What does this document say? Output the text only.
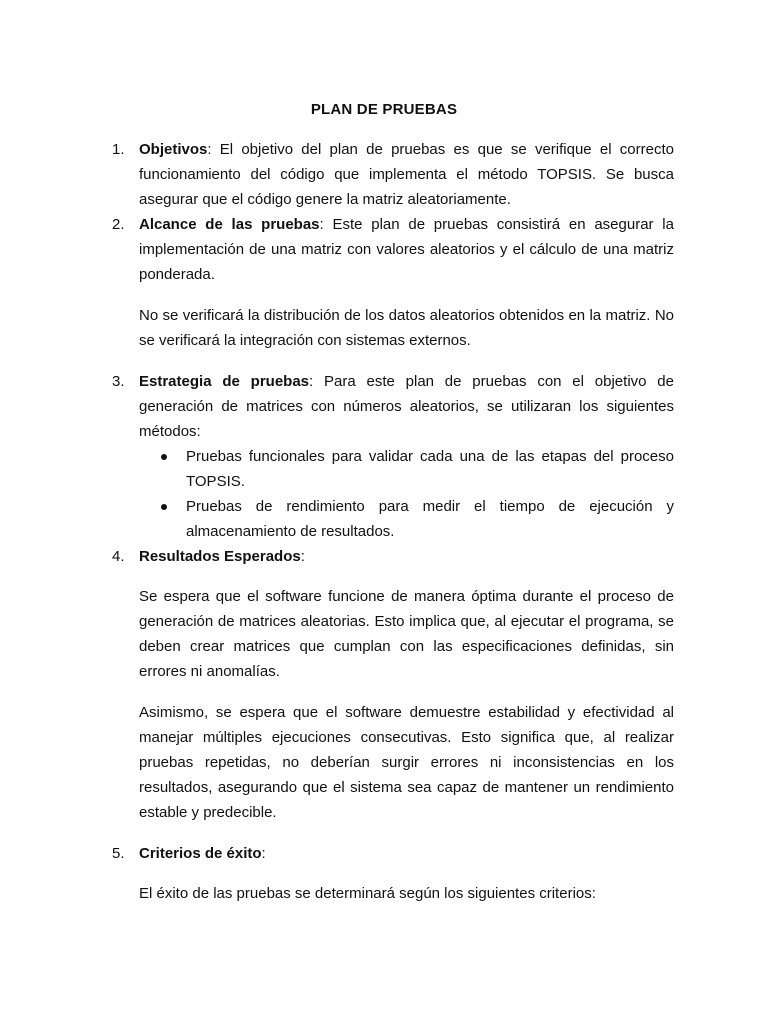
PLAN DE PRUEBAS
1. Objetivos: El objetivo del plan de pruebas es que se verifique el correcto funcionamiento del código que implementa el método TOPSIS. Se busca asegurar que el código genere la matriz aleatoriamente.
2. Alcance de las pruebas: Este plan de pruebas consistirá en asegurar la implementación de una matriz con valores aleatorios y el cálculo de una matriz ponderada.
No se verificará la distribución de los datos aleatorios obtenidos en la matriz. No se verificará la integración con sistemas externos.
3. Estrategia de pruebas: Para este plan de pruebas con el objetivo de generación de matrices con números aleatorios, se utilizaran los siguientes métodos:
Pruebas funcionales para validar cada una de las etapas del proceso TOPSIS.
Pruebas de rendimiento para medir el tiempo de ejecución y almacenamiento de resultados.
4. Resultados Esperados:
Se espera que el software funcione de manera óptima durante el proceso de generación de matrices aleatorias. Esto implica que, al ejecutar el programa, se deben crear matrices que cumplan con las especificaciones definidas, sin errores ni anomalías.
Asimismo, se espera que el software demuestre estabilidad y efectividad al manejar múltiples ejecuciones consecutivas. Esto significa que, al realizar pruebas repetidas, no deberían surgir errores ni inconsistencias en los resultados, asegurando que el sistema sea capaz de mantener un rendimiento estable y predecible.
5. Criterios de éxito:
El éxito de las pruebas se determinará según los siguientes criterios:
